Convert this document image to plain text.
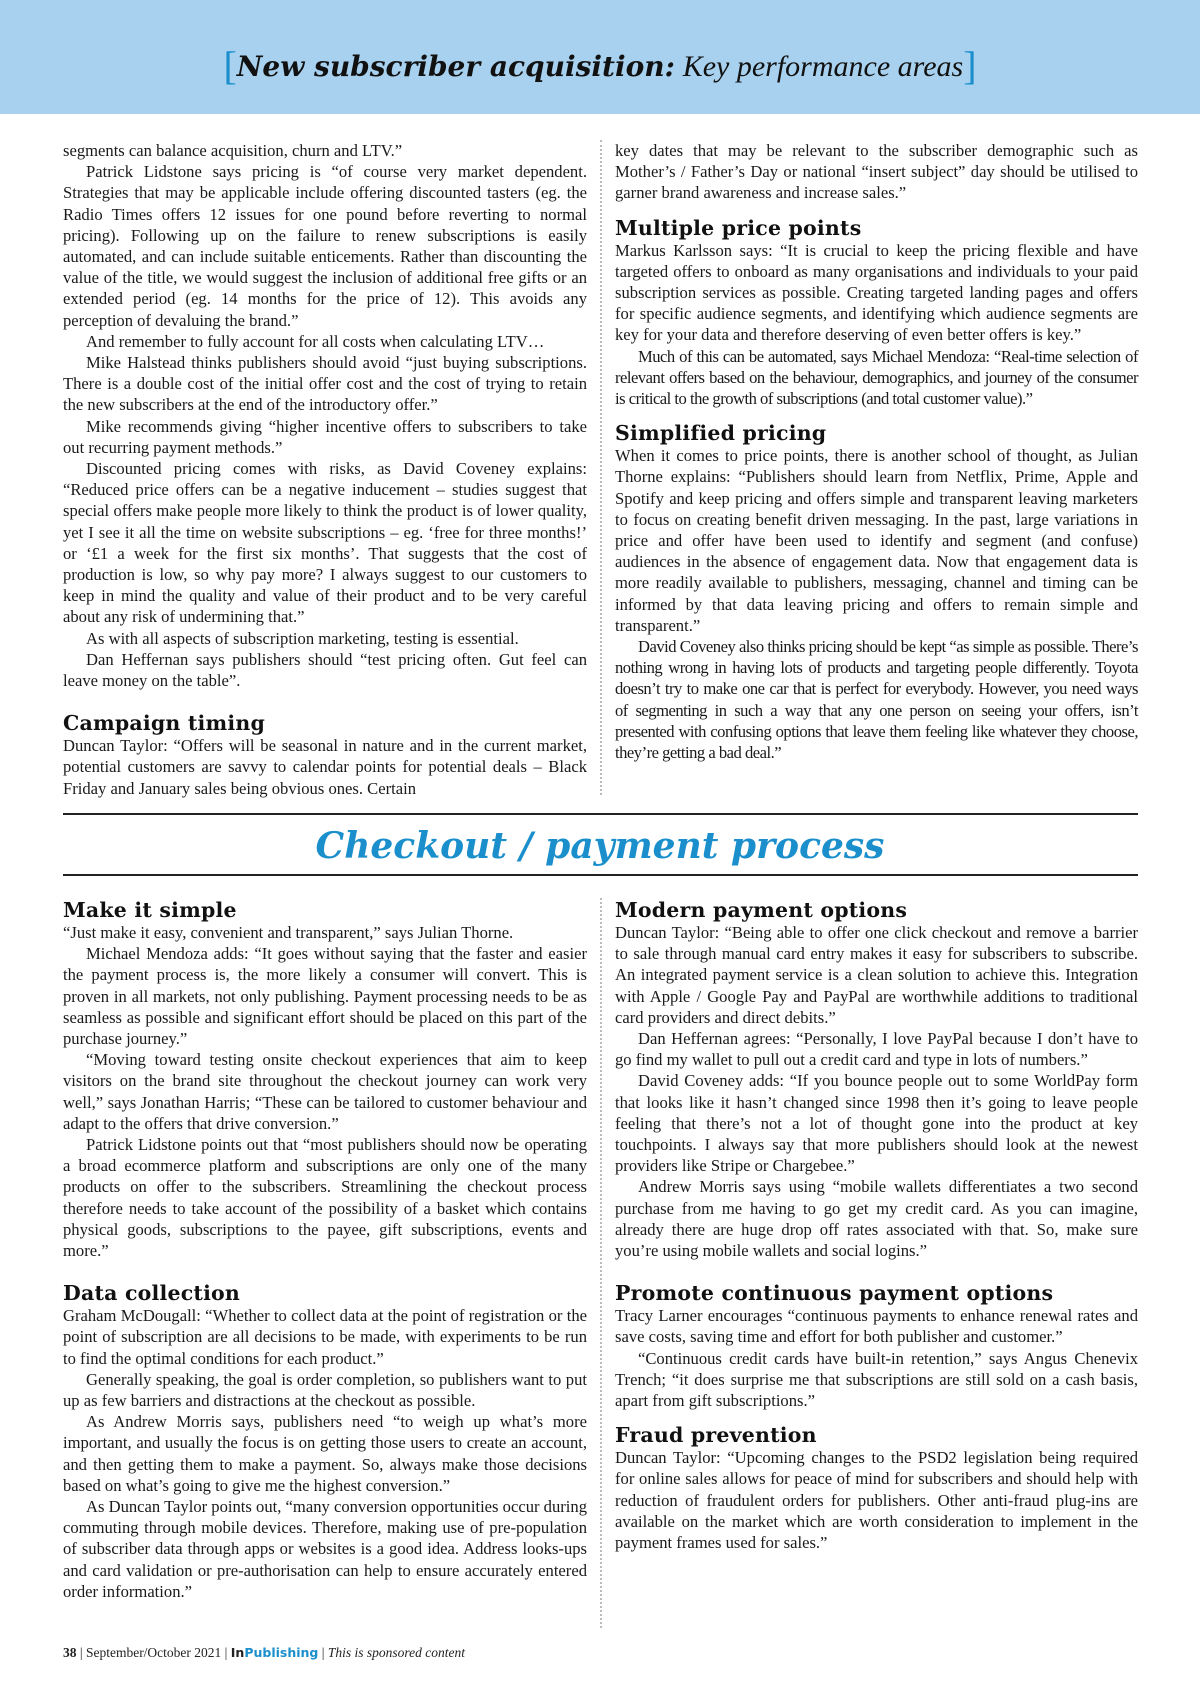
[New subscriber acquisition: Key performance areas]

segments can balance acquisition, churn and LTV.”

Patrick Lidstone says pricing is “of course very market dependent. Strategies that may be applicable include offering discounted tasters (eg. the Radio Times offers 12 issues for one pound before reverting to normal pricing). Following up on the failure to renew subscriptions is easily automated, and can include suitable enticements. Rather than discounting the value of the title, we would suggest the inclusion of additional free gifts or an extended period (eg. 14 months for the price of 12). This avoids any perception of devaluing the brand.”

And remember to fully account for all costs when calculating LTV…

Mike Halstead thinks publishers should avoid “just buying subscriptions. There is a double cost of the initial offer cost and the cost of trying to retain the new subscribers at the end of the introductory offer.”

Mike recommends giving “higher incentive offers to subscribers to take out recurring payment methods.”

Discounted pricing comes with risks, as David Coveney explains: “Reduced price offers can be a negative inducement – studies suggest that special offers make people more likely to think the product is of lower quality, yet I see it all the time on website subscriptions – eg. ‘free for three months!’ or ‘£1 a week for the first six months’. That suggests that the cost of production is low, so why pay more? I always suggest to our customers to keep in mind the quality and value of their product and to be very careful about any risk of undermining that.”

As with all aspects of subscription marketing, testing is essential.

Dan Heffernan says publishers should “test pricing often. Gut feel can leave money on the table”.

Campaign timing

Duncan Taylor: “Offers will be seasonal in nature and in the current market, potential customers are savvy to calendar points for potential deals – Black Friday and January sales being obvious ones. Certain

key dates that may be relevant to the subscriber demographic such as Mother’s / Father’s Day or national “insert subject” day should be utilised to garner brand awareness and increase sales.”

Multiple price points

Markus Karlsson says: “It is crucial to keep the pricing flexible and have targeted offers to onboard as many organisations and individuals to your paid subscription services as possible. Creating targeted landing pages and offers for specific audience segments, and identifying which audience segments are key for your data and therefore deserving of even better offers is key.”

Much of this can be automated, says Michael Mendoza: “Real-time selection of relevant offers based on the behaviour, demographics, and journey of the consumer is critical to the growth of subscriptions (and total customer value).”

Simplified pricing

When it comes to price points, there is another school of thought, as Julian Thorne explains: “Publishers should learn from Netflix, Prime, Apple and Spotify and keep pricing and offers simple and transparent leaving marketers to focus on creating benefit driven messaging. In the past, large variations in price and offer have been used to identify and segment (and confuse) audiences in the absence of engagement data. Now that engagement data is more readily available to publishers, messaging, channel and timing can be informed by that data leaving pricing and offers to remain simple and transparent.”

David Coveney also thinks pricing should be kept “as simple as possible. There’s nothing wrong in having lots of products and targeting people differently. Toyota doesn’t try to make one car that is perfect for everybody. However, you need ways of segmenting in such a way that any one person on seeing your offers, isn’t presented with confusing options that leave them feeling like whatever they choose, they’re getting a bad deal.”

Checkout / payment process
Make it simple

“Just make it easy, convenient and transparent,” says Julian Thorne.

Michael Mendoza adds: “It goes without saying that the faster and easier the payment process is, the more likely a consumer will convert. This is proven in all markets, not only publishing. Payment processing needs to be as seamless as possible and significant effort should be placed on this part of the purchase journey.”

“Moving toward testing onsite checkout experiences that aim to keep visitors on the brand site throughout the checkout journey can work very well,” says Jonathan Harris; “These can be tailored to customer behaviour and adapt to the offers that drive conversion.”

Patrick Lidstone points out that “most publishers should now be operating a broad ecommerce platform and subscriptions are only one of the many products on offer to the subscribers. Streamlining the checkout process therefore needs to take account of the possibility of a basket which contains physical goods, subscriptions to the payee, gift subscriptions, events and more.”

Data collection

Graham McDougall: “Whether to collect data at the point of registration or the point of subscription are all decisions to be made, with experiments to be run to find the optimal conditions for each product.”

Generally speaking, the goal is order completion, so publishers want to put up as few barriers and distractions at the checkout as possible.

As Andrew Morris says, publishers need “to weigh up what’s more important, and usually the focus is on getting those users to create an account, and then getting them to make a payment. So, always make those decisions based on what’s going to give me the highest conversion.”

As Duncan Taylor points out, “many conversion opportunities occur during commuting through mobile devices. Therefore, making use of pre-population of subscriber data through apps or websites is a good idea. Address looks-ups and card validation or pre-authorisation can help to ensure accurately entered order information.”

Modern payment options

Duncan Taylor: “Being able to offer one click checkout and remove a barrier to sale through manual card entry makes it easy for subscribers to subscribe. An integrated payment service is a clean solution to achieve this. Integration with Apple / Google Pay and PayPal are worthwhile additions to traditional card providers and direct debits.”

Dan Heffernan agrees: “Personally, I love PayPal because I don’t have to go find my wallet to pull out a credit card and type in lots of numbers.”

David Coveney adds: “If you bounce people out to some WorldPay form that looks like it hasn’t changed since 1998 then it’s going to leave people feeling that there’s not a lot of thought gone into the product at key touchpoints. I always say that more publishers should look at the newest providers like Stripe or Chargebee.”

Andrew Morris says using “mobile wallets differentiates a two second purchase from me having to go get my credit card. As you can imagine, already there are huge drop off rates associated with that. So, make sure you’re using mobile wallets and social logins.”

Promote continuous payment options

Tracy Larner encourages “continuous payments to enhance renewal rates and save costs, saving time and effort for both publisher and customer.”

“Continuous credit cards have built-in retention,” says Angus Chenevix Trench; “it does surprise me that subscriptions are still sold on a cash basis, apart from gift subscriptions.”

Fraud prevention

Duncan Taylor: “Upcoming changes to the PSD2 legislation being required for online sales allows for peace of mind for subscribers and should help with reduction of fraudulent orders for publishers. Other anti-fraud plug-ins are available on the market which are worth consideration to implement in the payment frames used for sales.”

38 | September/October 2021 | InPublishing | This is sponsored content
